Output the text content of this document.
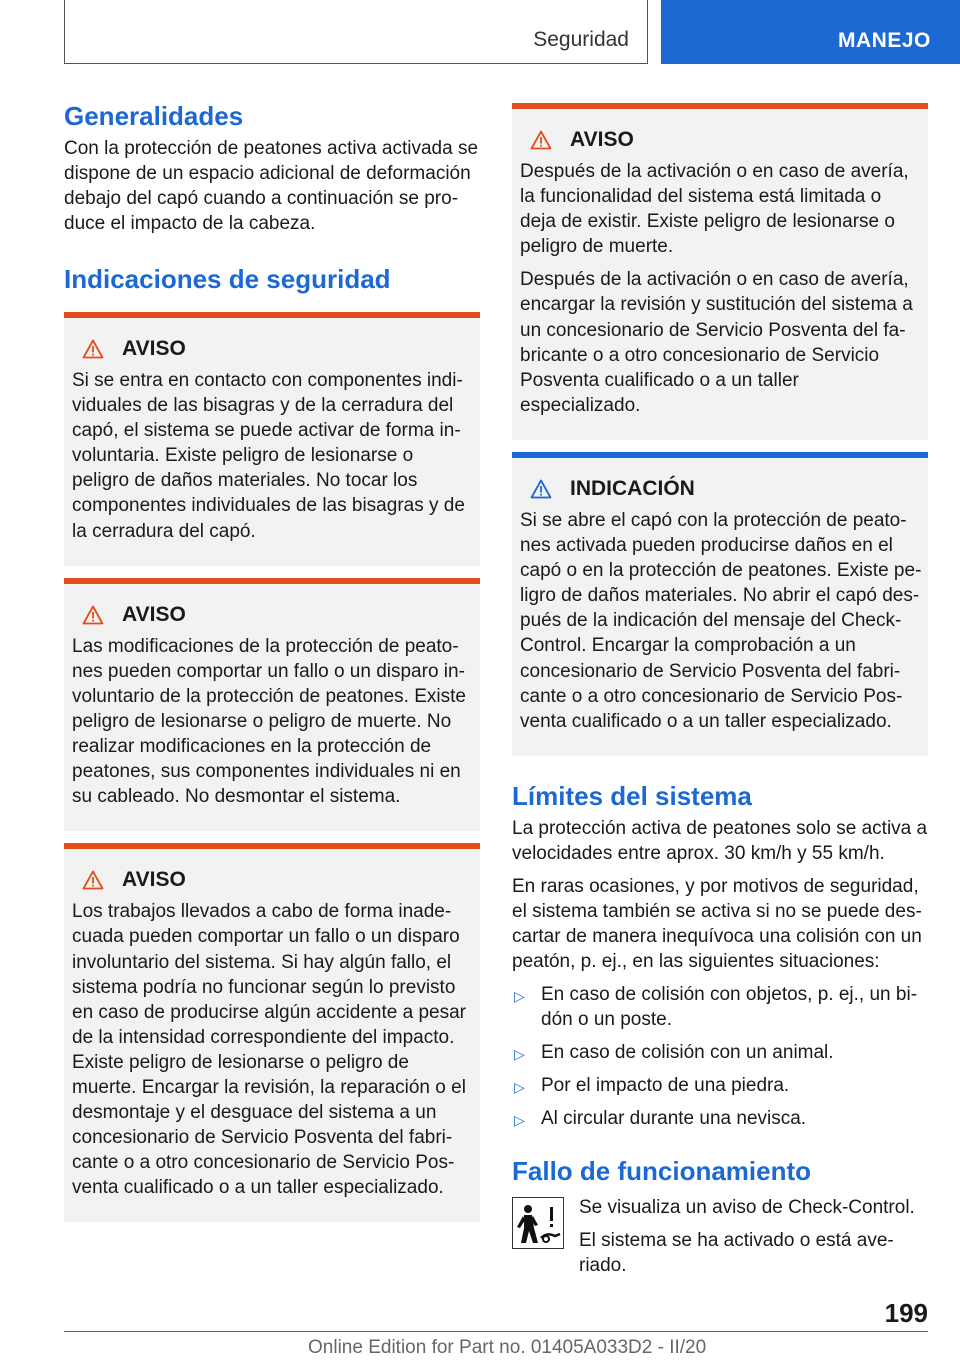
Seguridad	MANEJO
Generalidades

Con la protección de peatones activa activada se dispone de un espacio adicional de deformación debajo del capó cuando a continuación se produce el impacto de la cabeza.

Indicaciones de seguridad
AVISO

Si se entra en contacto con componentes individuales de las bisagras y de la cerradura del capó, el sistema se puede activar de forma involuntaria. Existe peligro de lesionarse o peligro de daños materiales. No tocar los componentes individuales de las bisagras y de la cerradura del capó.

AVISO

Las modificaciones de la protección de peatones pueden comportar un fallo o un disparo involuntario de la protección de peatones. Existe peligro de lesionarse o peligro de muerte. No realizar modificaciones en la protección de peatones, sus componentes individuales ni en su cableado. No desmontar el sistema.

AVISO

Los trabajos llevados a cabo de forma inadecuada pueden comportar un fallo o un disparo involuntario del sistema. Si hay algún fallo, el sistema podría no funcionar según lo previsto en caso de producirse algún accidente a pesar de la intensidad correspondiente del impacto. Existe peligro de lesionarse o peligro de muerte. Encargar la revisión, la reparación o el desmontaje y el desguace del sistema a un concesionario de Servicio Posventa del fabricante o a otro concesionario de Servicio Posventa cualificado o a un taller especializado.

AVISO

Después de la activación o en caso de avería, la funcionalidad del sistema está limitada o deja de existir. Existe peligro de lesionarse o peligro de muerte.

Después de la activación o en caso de avería, encargar la revisión y sustitución del sistema a un concesionario de Servicio Posventa del fabricante o a otro concesionario de Servicio Posventa cualificado o a un taller especializado.

INDICACIÓN

Si se abre el capó con la protección de peatones activada pueden producirse daños en el capó o en la protección de peatones. Existe peligro de daños materiales. No abrir el capó después de la indicación del mensaje del Check-Control. Encargar la comprobación a un concesionario de Servicio Posventa del fabricante o a otro concesionario de Servicio Posventa cualificado o a un taller especializado.

Límites del sistema

La protección activa de peatones solo se activa a velocidades entre aprox. 30 km/h y 55 km/h.

En raras ocasiones, y por motivos de seguridad, el sistema también se activa si no se puede descartar de manera inequívoca una colisión con un peatón, p. ej., en las siguientes situaciones:

▷ En caso de colisión con objetos, p. ej., un bidón o un poste.
▷ En caso de colisión con un animal.
▷ Por el impacto de una piedra.
▷ Al circular durante una nevisca.
Fallo de funcionamiento

Se visualiza un aviso de Check-Control.

El sistema se ha activado o está averiado.

199
Online Edition for Part no. 01405A033D2 - II/20
